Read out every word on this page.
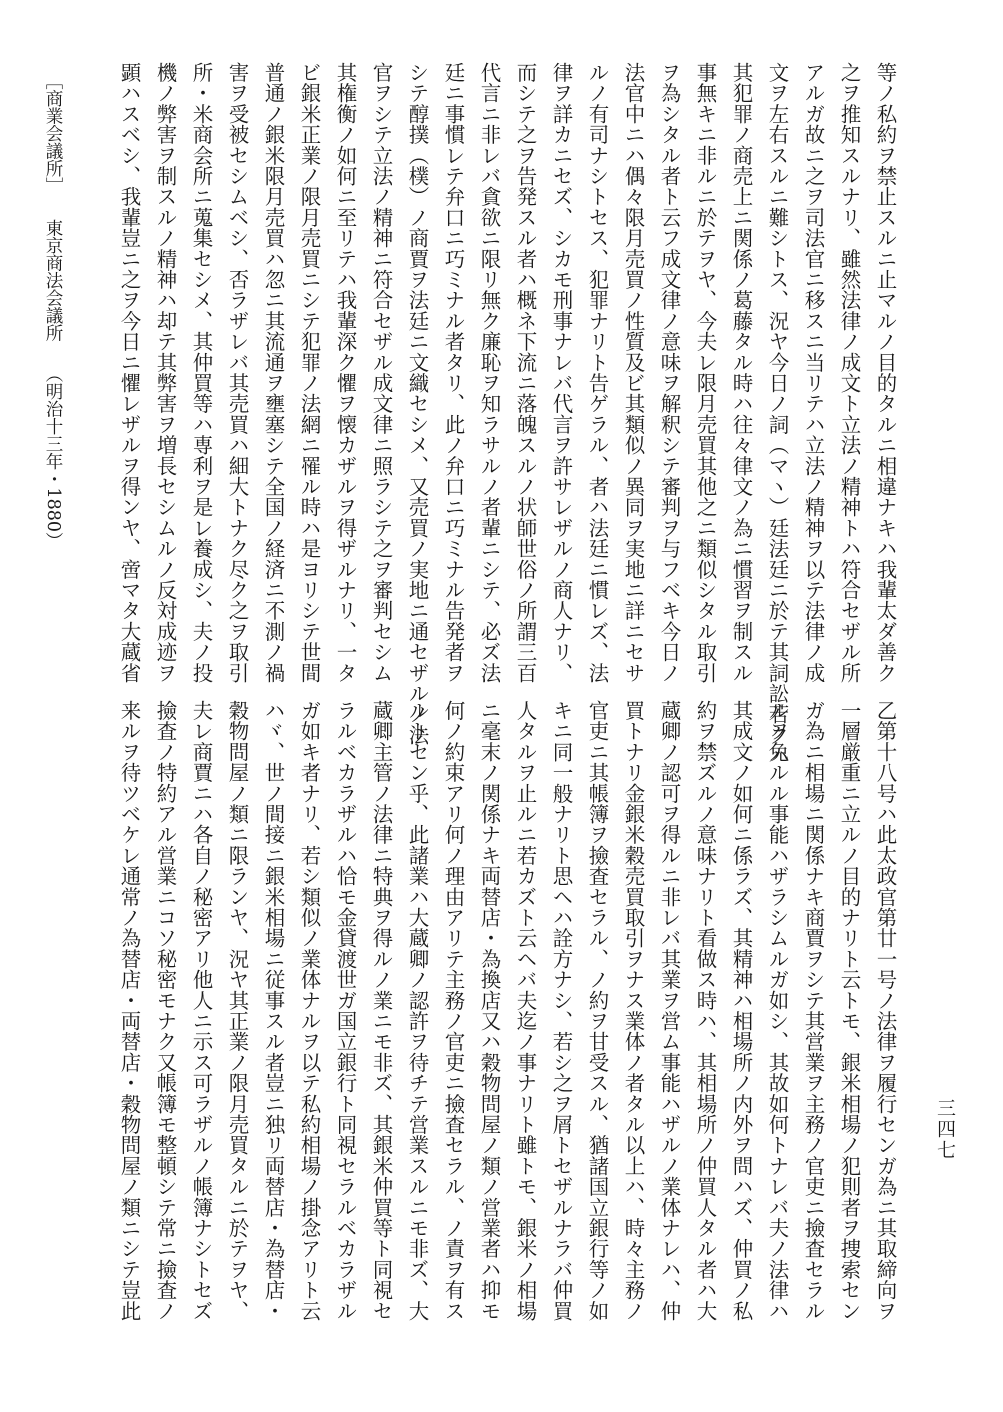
等ノ私約ヲ禁止スルニ止マルノ目的タルニ相違ナキハ我輩太ダ善ク
之ヲ推知スルナリ、雖然法律ノ成文ト立法ノ精神トハ符合セザル所
アルガ故ニ之ヲ司法官ニ移スニ当リテハ立法ノ精神ヲ以テ法律ノ成
文ヲ左右スルニ難シトス、況ヤ今日ノ詞（マヽ）廷法廷ニ於テ其詞訟若クハ
其犯罪ノ商売上ニ関係ノ葛藤タル時ハ往々律文ノ為ニ慣習ヲ制スル
事無キニ非ルニ於テヲヤ、今夫レ限月売買其他之ニ類似シタル取引
ヲ為シタル者ト云フ成文律ノ意味ヲ解釈シテ審判ヲ与フベキ今日ノ
法官中ニハ偶々限月売買ノ性質及ビ其類似ノ異同ヲ実地ニ詳ニセサ
ルノ有司ナシトセス、犯罪ナリト告ゲラル、者ハ法廷ニ慣レズ、法
律ヲ詳カニセズ、シカモ刑事ナレバ代言ヲ許サレザルノ商人ナリ、
而シテ之ヲ告発スル者ハ概ネ下流ニ落魄スルノ状師世俗ノ所謂三百
代言ニ非レバ貪欲ニ限リ無ク廉恥ヲ知ラサルノ者輩ニシテ、必ズ法
廷ニ事慣レテ弁口ニ巧ミナル者タリ、此ノ弁口ニ巧ミナル告発者ヲ
シテ醇撲（樸）ノ商賈ヲ法廷ニ文織セシメ、又売買ノ実地ニ通セザルノ法
官ヲシテ立法ノ精神ニ符合セザル成文律ニ照ラシテ之ヲ審判セシム
其権衡ノ如何ニ至リテハ我輩深ク懼ヲ懐カザルヲ得ザルナリ、一タ
ビ銀米正業ノ限月売買ニシテ犯罪ノ法網ニ罹ル時ハ是ヨリシテ世間
普通ノ銀米限月売買ハ忽ニ其流通ヲ壅塞シテ全国ノ経済ニ不測ノ禍
害ヲ受被セシムベシ、否ラザレバ其売買ハ細大トナク尽ク之ヲ取引
所・米商会所ニ蒐集セシメ、其仲買等ハ専利ヲ是レ養成シ、夫ノ投
機ノ弊害ヲ制スルノ精神ハ却テ其弊害ヲ増長セシムルノ反対成迹ヲ
顕ハスベシ、我輩豈ニ之ヲ今日ニ懼レザルヲ得ンヤ、啻マタ大蔵省
乙第十八号ハ此太政官第廿一号ノ法律ヲ履行センガ為ニ其取締向ヲ
一層厳重ニ立ルノ目的ナリト云トモ、銀米相場ノ犯則者ヲ捜索セン
ガ為ニ相場ニ関係ナキ商賈ヲシテ其営業ヲ主務ノ官吏ニ撿査セラル
ルヲ免ルル事能ハザラシムルガ如シ、其故如何トナレバ夫ノ法律ハ
其成文ノ如何ニ係ラズ、其精神ハ相場所ノ内外ヲ問ハズ、仲買ノ私
約ヲ禁ズルノ意味ナリト看做ス時ハ、其相場所ノ仲買人タル者ハ大
蔵卿ノ認可ヲ得ルニ非レバ其業ヲ営ム事能ハザルノ業体ナレハ、仲
買トナリ金銀米穀売買取引ヲナス業体ノ者タル以上ハ、時々主務ノ
官吏ニ其帳簿ヲ撿査セラル、ノ約ヲ甘受スル、猶諸国立銀行等ノ如
キニ同一般ナリト思ヘハ詮方ナシ、若シ之ヲ屑トセザルナラバ仲買
人タルヲ止ルニ若カズト云ヘバ夫迄ノ事ナリト雖トモ、銀米ノ相場
ニ毫末ノ関係ナキ両替店・為換店又ハ穀物問屋ノ類ノ営業者ハ抑モ
何ノ約束アリ何ノ理由アリテ主務ノ官吏ニ撿査セラル、ノ責ヲ有ス
ルトセン乎、此諸業ハ大蔵卿ノ認許ヲ待チテ営業スルニモ非ズ、大
蔵卿主管ノ法律ニ特典ヲ得ルノ業ニモ非ズ、其銀米仲買等ト同視セ
ラルベカラザルハ恰モ金貸渡世ガ国立銀行ト同視セラルベカラザル
ガ如キ者ナリ、若シ類似ノ業体ナルヲ以テ私約相場ノ掛念アリト云
ハヾ、世ノ間接ニ銀米相場ニ従事スル者豈ニ独リ両替店・為替店・
穀物問屋ノ類ニ限ランヤ、況ヤ其正業ノ限月売買タルニ於テヲヤ、
夫レ商賈ニハ各自ノ秘密アリ他人ニ示ス可ラザルノ帳簿ナシトセズ
撿査ノ特約アル営業ニコソ秘密モナク又帳簿モ整頓シテ常ニ撿査ノ
来ルヲ待ツベケレ通常ノ為替店・両替店・穀物問屋ノ類ニシテ豈此
［商業会議所］東京商法会議所（明治十三年・1880）
三四七
